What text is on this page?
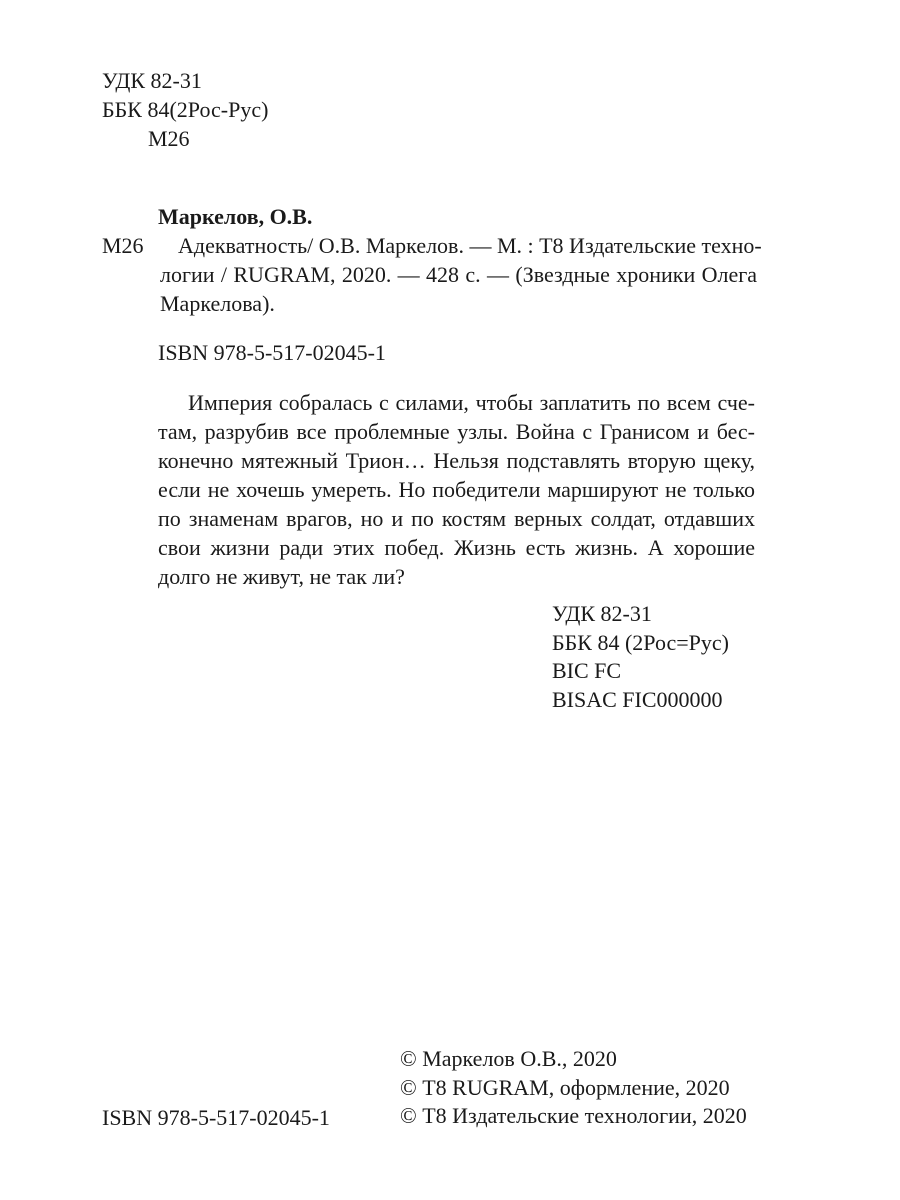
УДК 82-31
ББК 84(2Рос-Рус)
М26
Маркелов, О.В.
М26	Адекватность/ О.В. Маркелов. — М. : Т8 Издательские техно-
логии / RUGRAM, 2020. — 428 с. — (Звездные хроники Олега
Маркелова).
ISBN 978-5-517-02045-1
Империя собралась с силами, чтобы заплатить по всем сче-
там, разрубив все проблемные узлы. Война с Гранисом и бес-
конечно мятежный Трион… Нельзя подставлять вторую щеку,
если не хочешь умереть. Но победители маршируют не только
по знаменам врагов, но и по костям верных солдат, отдавших
свои жизни ради этих побед. Жизнь есть жизнь. А хорошие
долго не живут, не так ли?
УДК 82-31
ББК 84 (2Рос=Рус)
BIC FC
BISAC FIC000000
ISBN 978-5-517-02045-1
© Маркелов О.В., 2020
© Т8 RUGRAM, оформление, 2020
© Т8 Издательские технологии, 2020
